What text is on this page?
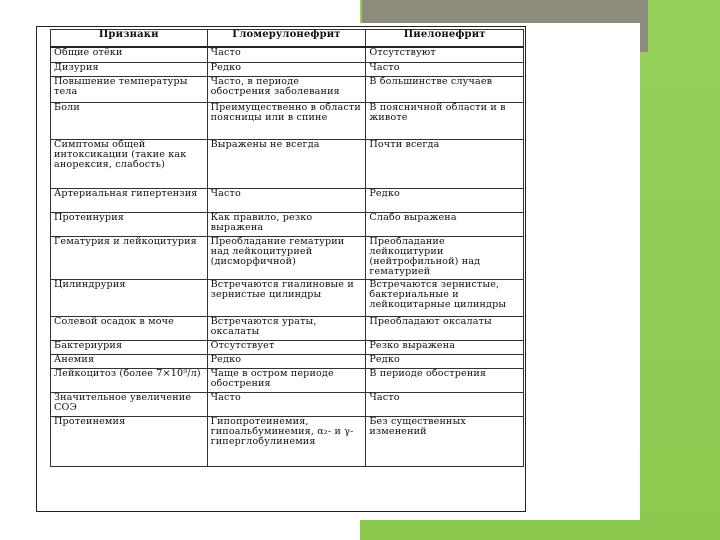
Признаки	Гломерулонефрит	Пиелонефрит
Общие отёки	Часто	Отсутствуют
Дизурия	Редко	Часто
Повышение температуры тела	Часто, в периоде обострения заболевания	В большинстве случаев
Боли	Преимущественно в области поясницы или в спине	В поясничной области и в животе
Симптомы общей интоксикации (такие как анорексия, слабость)	Выражены не всегда	Почти всегда
Артериальная гипертензия	Часто	Редко
Протеинурия	Как правило, резко выражена	Слабо выражена
Гематурия и лейкоцитурия	Преобладание гематурии над лейкоцитурией (дисморфичной)	Преобладание лейкоцитурии (нейтрофильной) над гематурией
Цилиндрурия	Встречаются гиалиновые и зернистые цилиндры	Встречаются зернистые, бактериальные и лейкоцитарные цилиндры
Солевой осадок в моче	Встречаются ураты, оксалаты	Преобладают оксалаты
Бактериурия	Отсутствует	Резко выражена
Анемия	Редко	Редко
Лейкоцитоз (более 7×10⁹/л)	Чаще в остром периоде обострения	В периоде обострения
Значительное увеличение СОЭ	Часто	Часто
Протеинемия	Гипопротеинемия, гипоальбуминемия, α₂- и γ-гиперглобулинемия	Без существенных изменений
